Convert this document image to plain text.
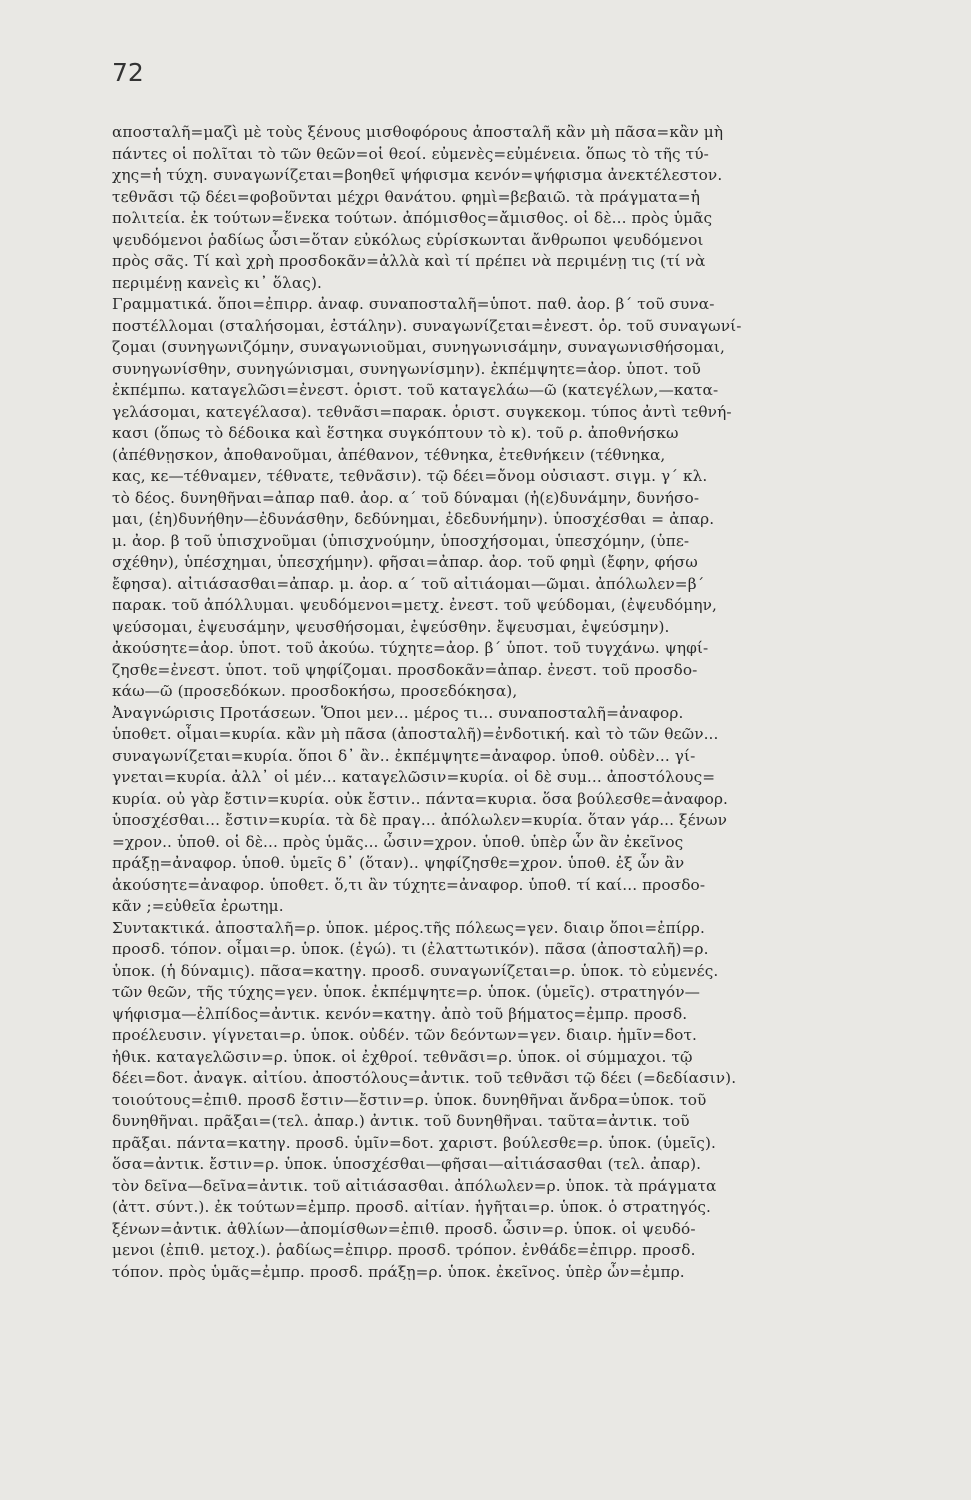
72
αποσταλῆ=μαζὶ μὲ τοὺς ξένους μισθοφόρους ἀποσταλῆ κἂν μὴ πᾶσα=κἂν μὴ
πάντες οἱ πολῖται τὸ τῶν θεῶν=οἱ θεοί. εὐμενὲς=εὐμένεια. ὅπως τὸ τῆς τύ-
χης=ἡ τύχη. συναγωνίζεται=βοηθεῖ ψήφισμα κενόν=ψήφισμα ἀνεκτέλεστον.
τεθνᾶσι τῷ δέει=φοβοῦνται μέχρι θανάτου. φημὶ=βεβαιῶ. τὰ πράγματα=ἡ
πολιτεία. ἐκ τούτων=ἕνεκα τούτων. ἀπόμισθος=ἄμισθος. οἱ δὲ... πρὸς ὑμᾶς
ψευδόμενοι ῥαδίως ὦσι=ὅταν εὐκόλως εὑρίσκωνται ἄνθρωποι ψευδόμενοι
πρὸς σᾶς. Τί καὶ χρὴ προσδοκᾶν=ἀλλὰ καὶ τί πρέπει νὰ περιμένῃ τις (τί νὰ
περιμένῃ κανεὶς κι᾽ ὅλας).
Γραμματικά. ὅποι=ἐπιρρ. ἀναφ. συναποσταλῆ=ὑποτ. παθ. ἀορ. β´ τοῦ συνα-
ποστέλλομαι (σταλήσομαι, ἐστάλην). συναγωνίζεται=ἐνεστ. ὁρ. τοῦ συναγωνί-
ζομαι (συνηγωνιζόμην, συναγωνιοῦμαι, συνηγωνισάμην, συναγωνισθήσομαι,
συνηγωνίσθην, συνηγώνισμαι, συνηγωνίσμην). ἐκπέμψητε=ἀορ. ὑποτ. τοῦ
ἐκπέμπω. καταγελῶσι=ἐνεστ. ὁριστ. τοῦ καταγελάω—ῶ (κατεγέλων,—κατα-
γελάσομαι, κατεγέλασα). τεθνᾶσι=παρακ. ὁριστ. συγκεκομ. τύπος ἀντὶ τεθνή-
κασι (ὅπως τὸ δέδοικα καὶ ἕστηκα συγκόπτουν τὸ κ). τοῦ ρ. ἀποθνήσκω
(ἀπέθνῃσκον, ἀποθανοῦμαι, ἀπέθανον, τέθνηκα, ἐτεθνήκειν (τέθνηκα,
κας, κε—τέθναμεν, τέθνατε, τεθνᾶσιν). τῷ δέει=ὄνομ οὐσιαστ. σιγμ. γ´ κλ.
τὸ δέος. δυνηθῆναι=ἀπαρ παθ. ἀορ. α´ τοῦ δύναμαι (ἠ(ε)δυνάμην, δυνήσο-
μαι, (ἐη)δυνήθην—ἐδυνάσθην, δεδύνημαι, ἐδεδυνήμην). ὑποσχέσθαι = ἀπαρ.
μ. ἀορ. β τοῦ ὑπισχνοῦμαι (ὑπισχνούμην, ὑποσχήσομαι, ὑπεσχόμην, (ὑπε-
σχέθην), ὑπέσχημαι, ὑπεσχήμην). φῆσαι=ἀπαρ. ἀορ. τοῦ φημὶ (ἔφην, φήσω
ἔφησα). αἰτιάσασθαι=ἀπαρ. μ. ἀορ. α´ τοῦ αἰτιάομαι—ῶμαι. ἀπόλωλεν=β´
παρακ. τοῦ ἀπόλλυμαι. ψευδόμενοι=μετχ. ἐνεστ. τοῦ ψεύδομαι, (ἐψευδόμην,
ψεύσομαι, ἐψευσάμην, ψευσθήσομαι, ἐψεύσθην. ἔψευσμαι, ἐψεύσμην).
ἀκούσητε=ἀορ. ὑποτ. τοῦ ἀκούω. τύχητε=ἀορ. β´ ὑποτ. τοῦ τυγχάνω. ψηφί-
ζησθε=ἐνεστ. ὑποτ. τοῦ ψηφίζομαι. προσδοκᾶν=ἀπαρ. ἐνεστ. τοῦ προσδο-
κάω—ῶ (προσεδόκων. προσδοκήσω, προσεδόκησα),
Ἀναγνώρισις Προτάσεων. Ὅποι μεν... μέρος τι... συναποσταλῆ=ἀναφορ.
ὑποθετ. οἶμαι=κυρία. κἂν μὴ πᾶσα (ἀποσταλῆ)=ἐνδοτική. καὶ τὸ τῶν θεῶν...
συναγωνίζεται=κυρία. ὅποι δ᾽ ἂν.. ἐκπέμψητε=ἀναφορ. ὑποθ. οὐδὲν... γί-
γνεται=κυρία. ἀλλ᾽ οἱ μέν... καταγελῶσιν=κυρία. οἱ δὲ συμ... ἀποστόλους=
κυρία. οὐ γὰρ ἔστιν=κυρία. οὐκ ἔστιν.. πάντα=κυρια. ὅσα βούλεσθε=ἀναφορ.
ὑποσχέσθαι... ἔστιν=κυρία. τὰ δὲ πραγ... ἀπόλωλεν=κυρία. ὅταν γάρ... ξένων
=χρον.. ὑποθ. οἱ δὲ... πρὸς ὑμᾶς... ὦσιν=χρον. ὑποθ. ὑπὲρ ὧν ἂν ἐκεῖνος
πράξῃ=ἀναφορ. ὑποθ. ὑμεῖς δ᾽ (ὅταν).. ψηφίζησθε=χρον. ὑποθ. ἐξ ὧν ἂν
ἀκούσητε=ἀναφορ. ὑποθετ. ὅ,τι ἂν τύχητε=ἀναφορ. ὑποθ. τί καί... προσδο-
κᾶν ;=εὐθεῖα ἐρωτημ.
Συντακτικά. ἀποσταλῆ=ρ. ὑποκ. μέρος.τῆς πόλεως=γεν. διαιρ ὅποι=ἐπίρρ.
προσδ. τόπον. οἶμαι=ρ. ὑποκ. (ἐγώ). τι (ἐλαττωτικόν). πᾶσα (ἀποσταλῆ)=ρ.
ὑποκ. (ἡ δύναμις). πᾶσα=κατηγ. προσδ. συναγωνίζεται=ρ. ὑποκ. τὸ εὐμενές.
τῶν θεῶν, τῆς τύχης=γεν. ὑποκ. ἐκπέμψητε=ρ. ὑποκ. (ὑμεῖς). στρατηγόν—
ψήφισμα—ἐλπίδος=ἀντικ. κενόν=κατηγ. ἀπὸ τοῦ βήματος=ἐμπρ. προσδ.
προέλευσιν. γίγνεται=ρ. ὑποκ. οὐδέν. τῶν δεόντων=γεν. διαιρ. ἡμῖν=δοτ.
ἠθικ. καταγελῶσιν=ρ. ὑποκ. οἱ ἐχθροί. τεθνᾶσι=ρ. ὑποκ. οἱ σύμμαχοι. τῷ
δέει=δοτ. ἀναγκ. αἰτίου. ἀποστόλους=ἀντικ. τοῦ τεθνᾶσι τῷ δέει (=δεδίασιν).
τοιούτους=ἐπιθ. προσδ ἔστιν—ἔστιν=ρ. ὑποκ. δυνηθῆναι ἄνδρα=ὑποκ. τοῦ
δυνηθῆναι. πρᾶξαι=(τελ. ἀπαρ.) ἀντικ. τοῦ δυνηθῆναι. ταῦτα=ἀντικ. τοῦ
πρᾶξαι. πάντα=κατηγ. προσδ. ὑμῖν=δοτ. χαριστ. βούλεσθε=ρ. ὑποκ. (ὑμεῖς).
ὅσα=ἀντικ. ἔστιν=ρ. ὑποκ. ὑποσχέσθαι—φῆσαι—αἰτιάσασθαι (τελ. ἀπαρ).
τὸν δεῖνα—δεῖνα=ἀντικ. τοῦ αἰτιάσασθαι. ἀπόλωλεν=ρ. ὑποκ. τὰ πράγματα
(ἀττ. σύντ.). ἐκ τούτων=ἐμπρ. προσδ. αἰτίαν. ἡγῆται=ρ. ὑποκ. ὁ στρατηγός.
ξένων=ἀντικ. ἀθλίων—ἀπομίσθων=ἐπιθ. προσδ. ὦσιν=ρ. ὑποκ. οἱ ψευδό-
μενοι (ἐπιθ. μετοχ.). ῥαδίως=ἐπιρρ. προσδ. τρόπον. ἐνθάδε=ἐπιρρ. προσδ.
τόπον. πρὸς ὑμᾶς=ἐμπρ. προσδ. πράξῃ=ρ. ὑποκ. ἐκεῖνος. ὑπὲρ ὧν=ἐμπρ.
